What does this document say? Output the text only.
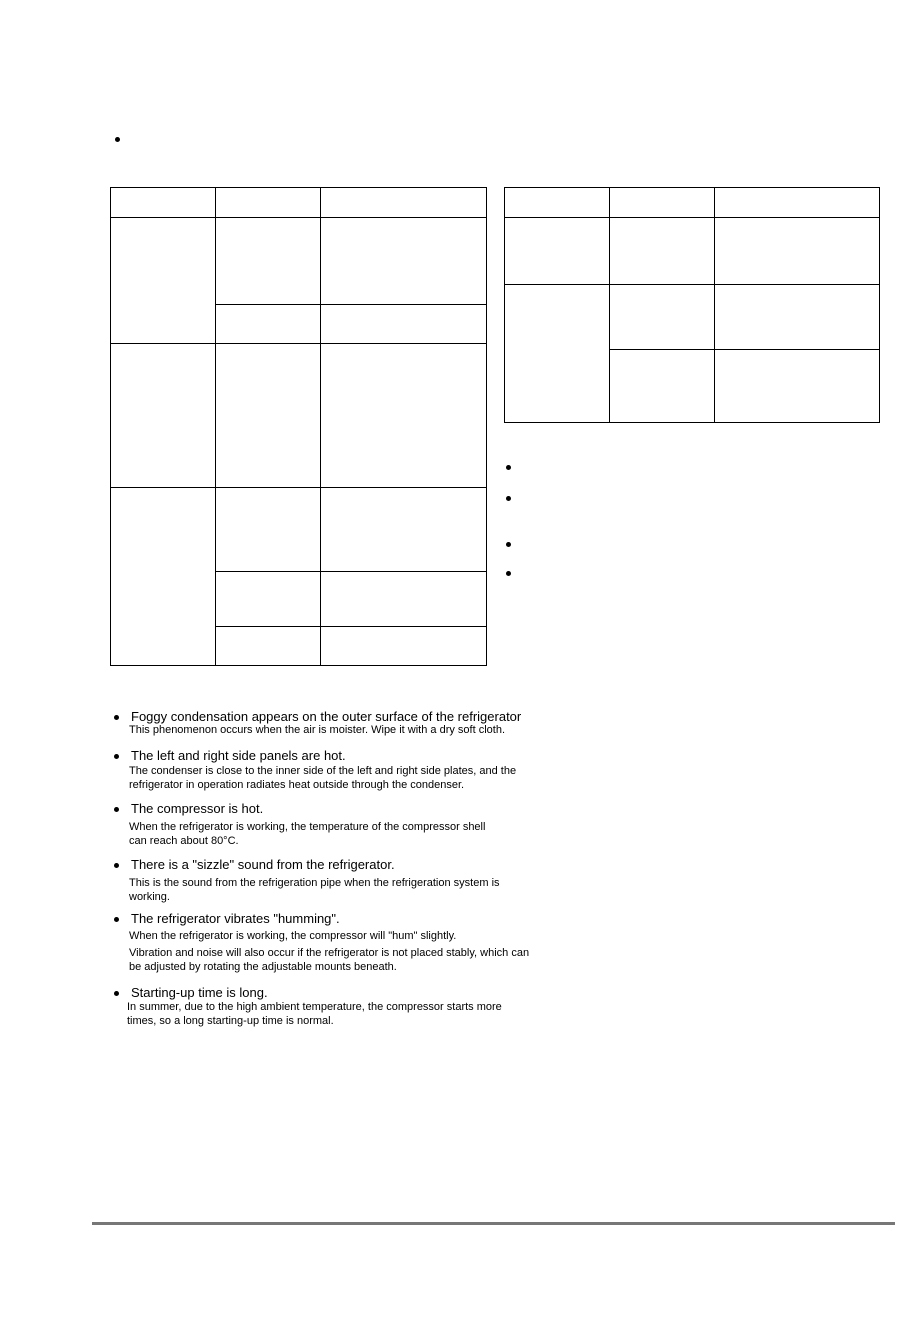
Foggy condensation appears on the outer surface of the refrigerator
This phenomenon occurs when the air is moister. Wipe it with a dry soft cloth.
The left and right side panels are hot.
The condenser is close to the inner side of the left and right side plates, and the
refrigerator in operation radiates heat outside through the condenser.
The compressor is hot.
When the refrigerator is working, the temperature of the compressor shell
can reach about 80°C.
There is a "sizzle" sound from the refrigerator.
This is the sound from the refrigeration pipe when the refrigeration system is
working.
The refrigerator vibrates "humming".
When the refrigerator is working, the compressor will "hum" slightly.
Vibration and noise will also occur if the refrigerator is not placed stably, which can
be adjusted by rotating the adjustable mounts beneath.
Starting-up time is long.
In summer, due to the high ambient temperature, the compressor starts more
times, so a long starting-up time is normal.
